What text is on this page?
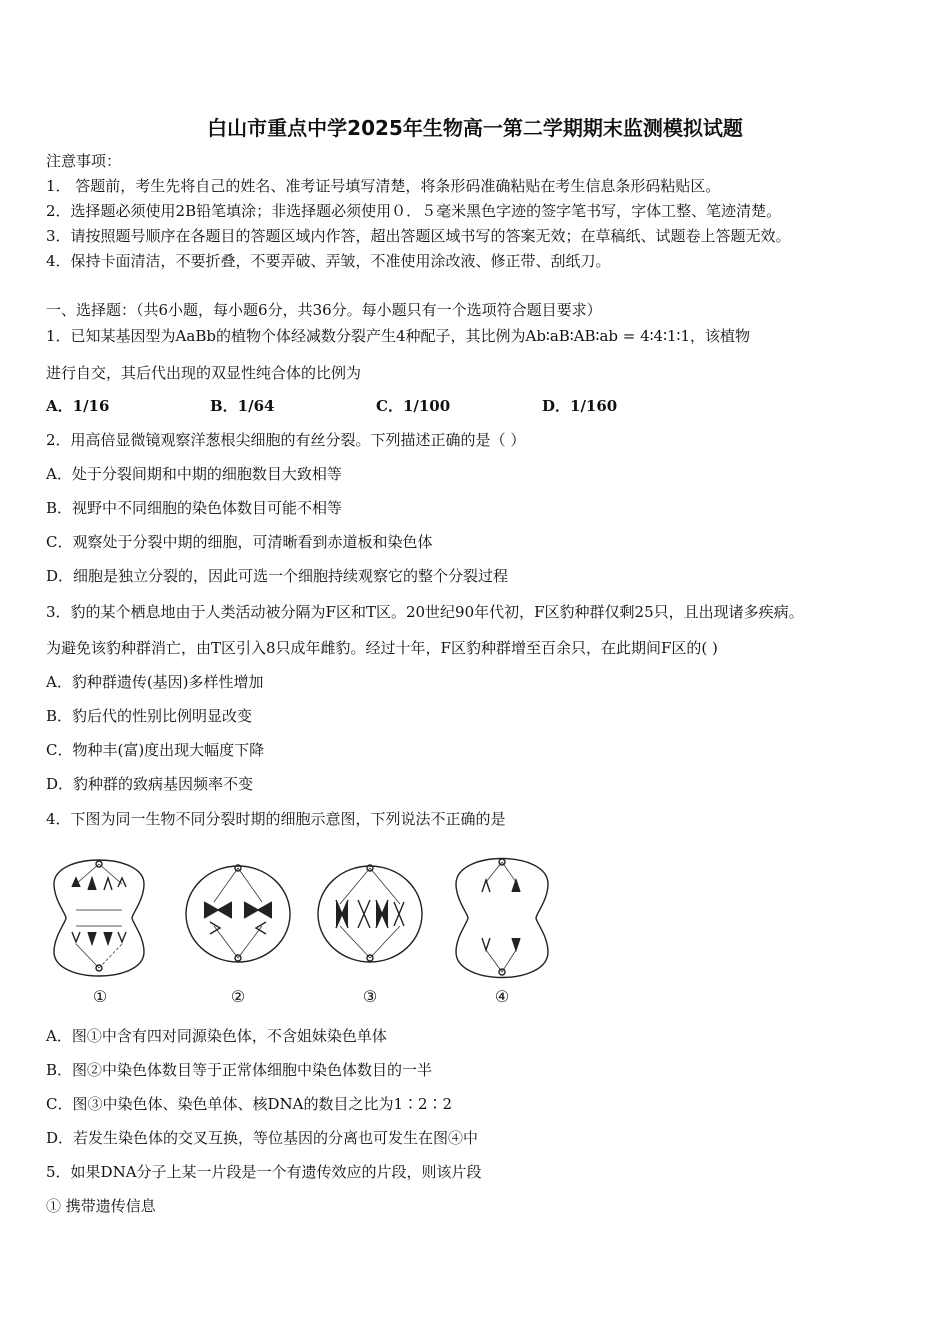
白山市重点中学2025年生物高一第二学期期末监测模拟试题
注意事项：
1． 答题前，考生先将自己的姓名、准考证号填写清楚，将条形码准确粘贴在考生信息条形码粘贴区。
2．选择题必须使用2B铅笔填涂；非选择题必须使用０．５毫米黑色字迹的签字笔书写，字体工整、笔迹清楚。
3．请按照题号顺序在各题目的答题区域内作答，超出答题区域书写的答案无效；在草稿纸、试题卷上答题无效。
4．保持卡面清洁，不要折叠，不要弄破、弄皱，不准使用涂改液、修正带、刮纸刀。
一、选择题：（共6小题，每小题6分，共36分。每小题只有一个选项符合题目要求）
1．已知某基因型为AaBb的植物个体经减数分裂产生4种配子，其比例为Ab∶aB∶AB∶ab = 4∶4∶1∶1，该植物
进行自交，其后代出现的双显性纯合体的比例为
A．1/16	B．1/64	C．1/100	D．1/160
2．用高倍显微镜观察洋葱根尖细胞的有丝分裂。下列描述正确的是（ ）
A．处于分裂间期和中期的细胞数目大致相等
B．视野中不同细胞的染色体数目可能不相等
C．观察处于分裂中期的细胞，可清晰看到赤道板和染色体
D．细胞是独立分裂的，因此可选一个细胞持续观察它的整个分裂过程
3．豹的某个栖息地由于人类活动被分隔为F区和T区。20世纪90年代初，F区豹种群仅剩25只，且出现诸多疾病。
为避免该豹种群消亡，由T区引入8只成年雌豹。经过十年，F区豹种群增至百余只，在此期间F区的( )
A．豹种群遗传(基因)多样性增加
B．豹后代的性别比例明显改变
C．物种丰(富)度出现大幅度下降
D．豹种群的致病基因频率不变
4．下图为同一生物不同分裂时期的细胞示意图，下列说法不正确的是
①	②	③	④
A．图①中含有四对同源染色体，不含姐妹染色单体
B．图②中染色体数目等于正常体细胞中染色体数目的一半
C．图③中染色体、染色单体、核DNA的数目之比为1∶2∶2
D．若发生染色体的交叉互换，等位基因的分离也可发生在图④中
5．如果DNA分子上某一片段是一个有遗传效应的片段，则该片段
① 携带遗传信息
